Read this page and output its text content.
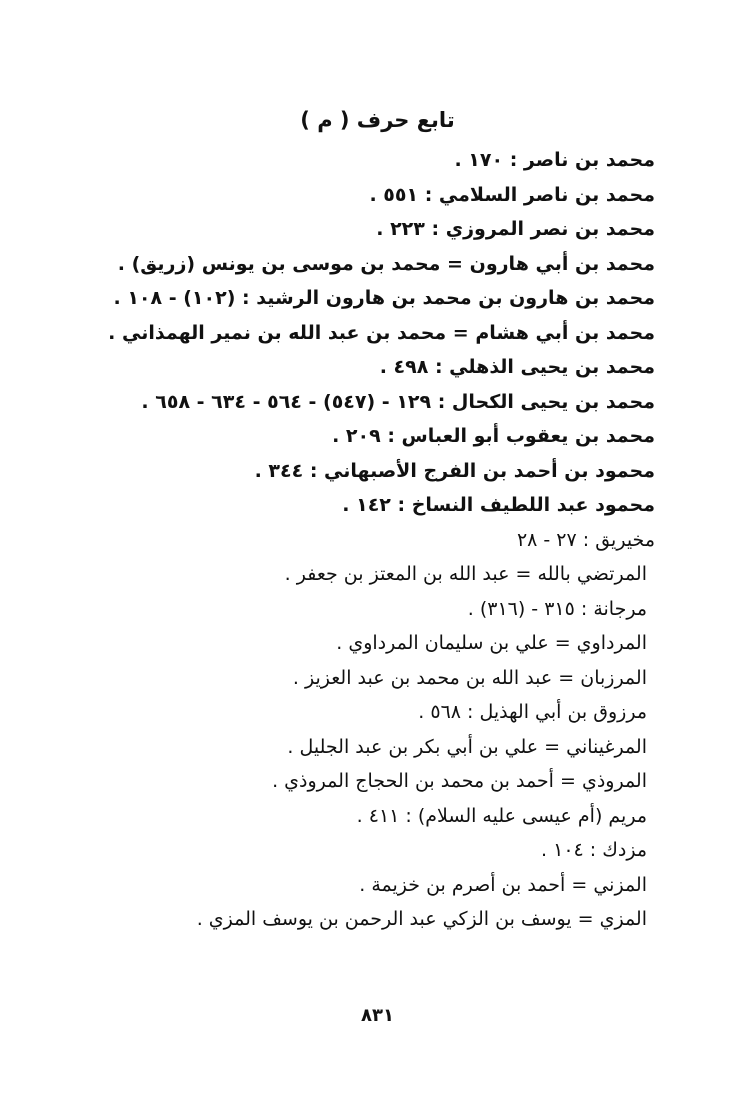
تابع حرف ( م )
محمد بن ناصر : ١٧٠ .
محمد بن ناصر السلامي : ٥٥١ .
محمد بن نصر المروزي : ٢٢٣ .
محمد بن أبي هارون = محمد بن موسى بن يونس (زريق) .
محمد بن هارون بن محمد بن هارون الرشيد : (١٠٢) - ١٠٨ .
محمد بن أبي هشام = محمد بن عبد الله بن نمير الهمذاني .
محمد بن يحيى الذهلي : ٤٩٨ .
محمد بن يحيى الكحال : ١٢٩ - (٥٤٧) - ٥٦٤ - ٦٣٤ - ٦٥٨ .
محمد بن يعقوب أبو العباس : ٢٠٩ .
محمود بن أحمد بن الفرج الأصبهاني : ٣٤٤ .
محمود عبد اللطيف النساخ : ١٤٢ .
مخيريق : ٢٧ - ٢٨
المرتضي بالله = عبد الله بن المعتز بن جعفر .
مرجانة : ٣١٥ - (٣١٦) .
المرداوي = علي بن سليمان المرداوي .
المرزبان = عبد الله بن محمد بن عبد العزيز .
مرزوق بن أبي الهذيل : ٥٦٨ .
المرغيناني = علي بن أبي بكر بن عبد الجليل .
المروذي = أحمد بن محمد بن الحجاج المروذي .
مريم (أم عيسى عليه السلام) : ٤١١ .
مزدك : ١٠٤ .
المزني = أحمد بن أصرم بن خزيمة .
المزي = يوسف بن الزكي عبد الرحمن بن يوسف المزي .
٨٣١
